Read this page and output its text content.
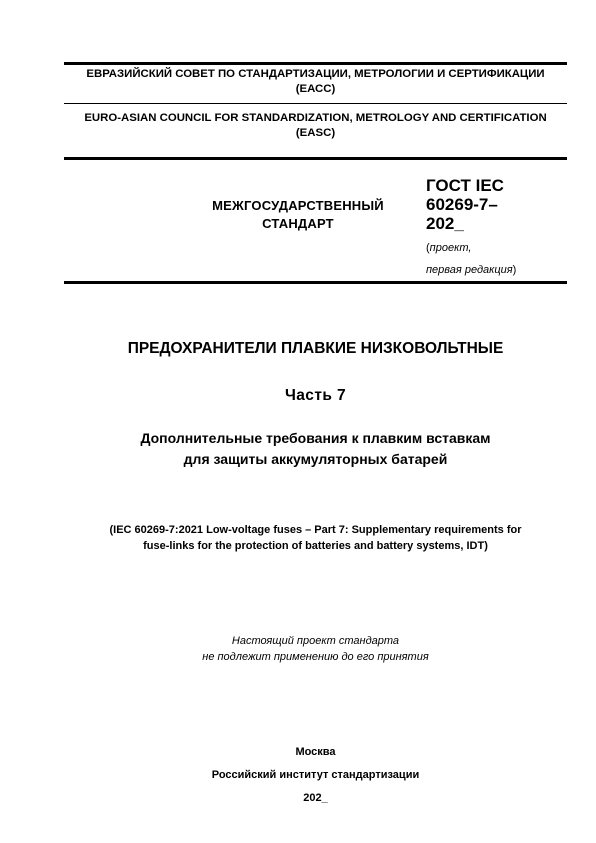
ЕВРАЗИЙСКИЙ СОВЕТ ПО СТАНДАРТИЗАЦИИ, МЕТРОЛОГИИ И СЕРТИФИКАЦИИ
(ЕАСС)
EURO-ASIAN COUNCIL FOR STANDARDIZATION, METROLOGY AND CERTIFICATION
(EASC)
МЕЖГОСУДАРСТВЕННЫЙ
СТАНДАРТ
ГОСТ IEC
60269-7–
202_
(проект,
первая редакция)
ПРЕДОХРАНИТЕЛИ ПЛАВКИЕ НИЗКОВОЛЬТНЫЕ
Часть 7
Дополнительные требования к плавким вставкам
для защиты аккумуляторных батарей
(IEC 60269-7:2021 Low-voltage fuses – Part 7: Supplementary requirements for
fuse-links for the protection of batteries and battery systems, IDT)
Настоящий проект стандарта
не подлежит применению до его принятия
Москва
Российский институт стандартизации
202_
